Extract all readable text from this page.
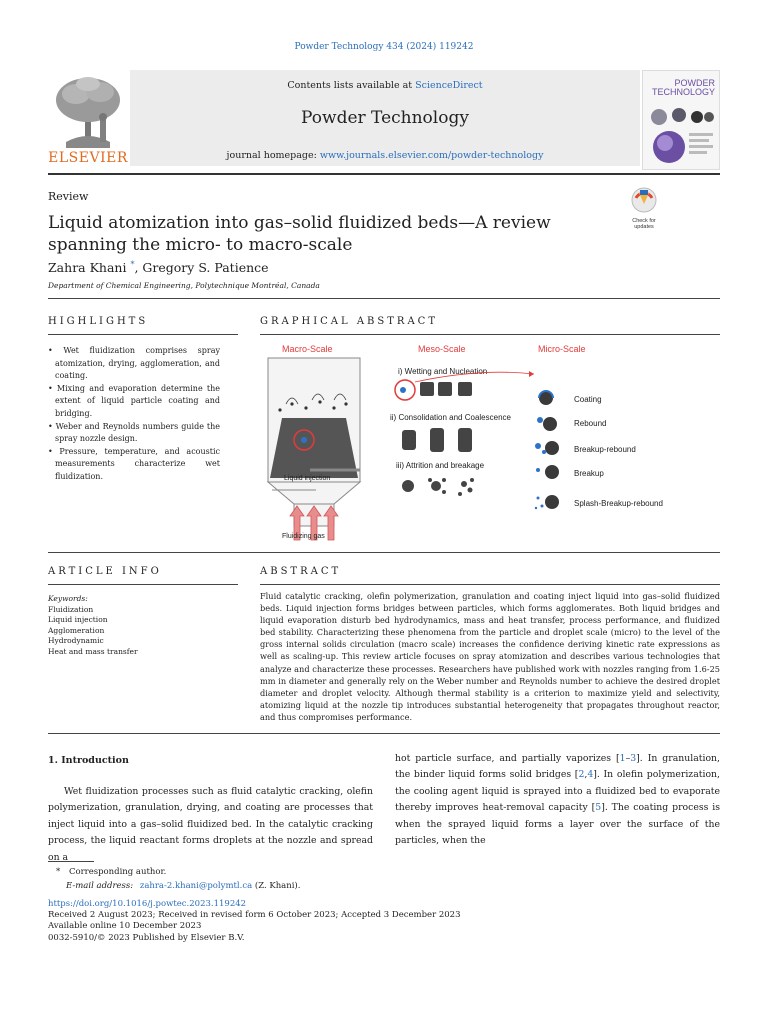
Powder Technology 434 (2024) 119242
ELSEVIER
Contents lists available at ScienceDirect
Powder Technology
journal homepage: www.journals.elsevier.com/powder-technology
POWDER
TECHNOLOGY
Review
Liquid atomization into gas–solid fluidized beds—A review spanning the micro- to macro-scale
Check for
updates
Zahra Khani *, Gregory S. Patience
Department of Chemical Engineering, Polytechnique Montréal, Canada
HIGHLIGHTS
• Wet fluidization comprises spray atomization, drying, agglomeration, and coating.
• Mixing and evaporation determine the extent of liquid particle coating and bridging.
• Weber and Reynolds numbers guide the spray nozzle design.
• Pressure, temperature, and acoustic measurements characterize wet fluidization.
GRAPHICAL ABSTRACT
Macro-Scale	Meso-Scale	Micro-Scale
Liquid injection
Fluidizing gas
i) Wetting and Nucleation
ii) Consolidation and Coalescence
iii) Attrition and breakage
Coating
Rebound
Breakup-rebound
Breakup
Splash-Breakup-rebound
ARTICLE INFO
Keywords:
Fluidization
Liquid injection
Agglomeration
Hydrodynamic
Heat and mass transfer
ABSTRACT
Fluid catalytic cracking, olefin polymerization, granulation and coating inject liquid into gas–solid fluidized beds. Liquid injection forms bridges between particles, which forms agglomerates. Both liquid bridges and liquid evaporation disturb bed hydrodynamics, mass and heat transfer, process performance, and fluidized bed stability. Characterizing these phenomena from the particle and droplet scale (micro) to the level of the gross internal solids circulation (macro scale) increases the confidence deriving kinetic rate expressions as well as scaling-up. This review article focuses on spray atomization and describes various technologies that analyze and characterize these processes. Researchers have published work with nozzles ranging from 1.6-25 mm in diameter and generally rely on the Weber number and Reynolds number to achieve the desired droplet diameter and droplet velocity. Although thermal stability is a criterion to maximize yield and selectivity, atomizing liquid at the nozzle tip introduces substantial heterogeneity that propagates throughout reactor, and thus compromises performance.
1. Introduction
Wet fluidization processes such as fluid catalytic cracking, olefin polymerization, granulation, drying, and coating are processes that inject liquid into a gas–solid fluidized bed. In the catalytic cracking process, the liquid reactant forms droplets at the nozzle and spread on a
hot particle surface, and partially vaporizes [1–3]. In granulation, the binder liquid forms solid bridges [2,4]. In olefin polymerization, the cooling agent liquid is sprayed into a fluidized bed to evaporate thereby improves heat-removal capacity [5]. The coating process is when the sprayed liquid forms a layer over the surface of the particles, when the
* Corresponding author.
E-mail address: zahra-2.khani@polymtl.ca (Z. Khani).
https://doi.org/10.1016/j.powtec.2023.119242
Received 2 August 2023; Received in revised form 6 October 2023; Accepted 3 December 2023
Available online 10 December 2023
0032-5910/© 2023 Published by Elsevier B.V.
